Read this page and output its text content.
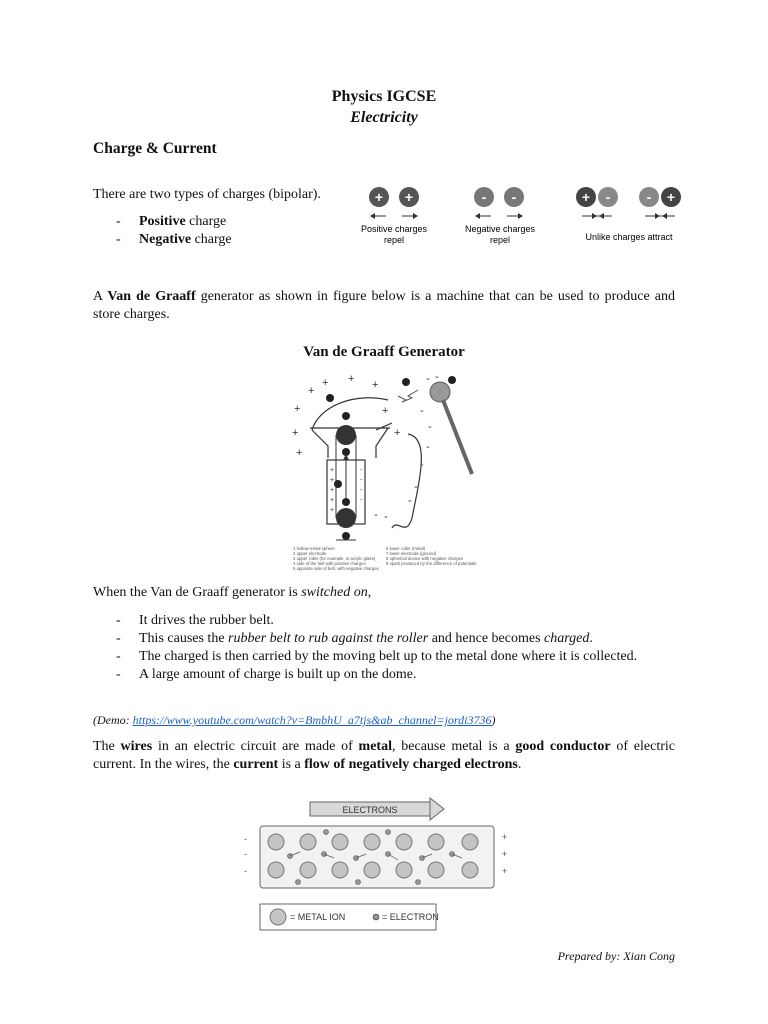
Physics IGCSE
Electricity
Charge & Current
There are two types of charges (bipolar).
- Positive charge
- Negative charge
+ +
Positive charges
repel
- -
Negative charges
repel
+ -	- +
Unlike charges attract
A Van de Graaff generator as shown in figure below is a machine that can be used to produce and store charges.
Van de Graaff Generator
+
+ + +
+
+
+
+
+
- -
-
-
-
-
-
-
- -
+
+
+
+
+
-
-
-
-
1 hollow metal sphere
2 upper electrode
3 upper roller (for example, in acrylic glass)
4 side of the belt with positive charges
5 opposite side of belt, with negative charges
6 lower roller (metal)
7 lower electrode (ground)
8 spherical device with negative charges
9 spark produced by the difference of potentials
When the Van de Graaff generator is switched on,
- It drives the rubber belt.
- This causes the rubber belt to rub against the roller and hence becomes charged.
- The charged is then carried by the moving belt up to the metal done where it is collected.
- A large amount of charge is built up on the dome.
(Demo: https://www.youtube.com/watch?v=BmbhU_a7tjs&ab_channel=jordi3736)
The wires in an electric circuit are made of metal, because metal is a good conductor of electric current. In the wires, the current is a flow of negatively charged electrons.
ELECTRONS
-
-
-
+
+
+
= METAL ION	= ELECTRON
Prepared by: Xian Cong
